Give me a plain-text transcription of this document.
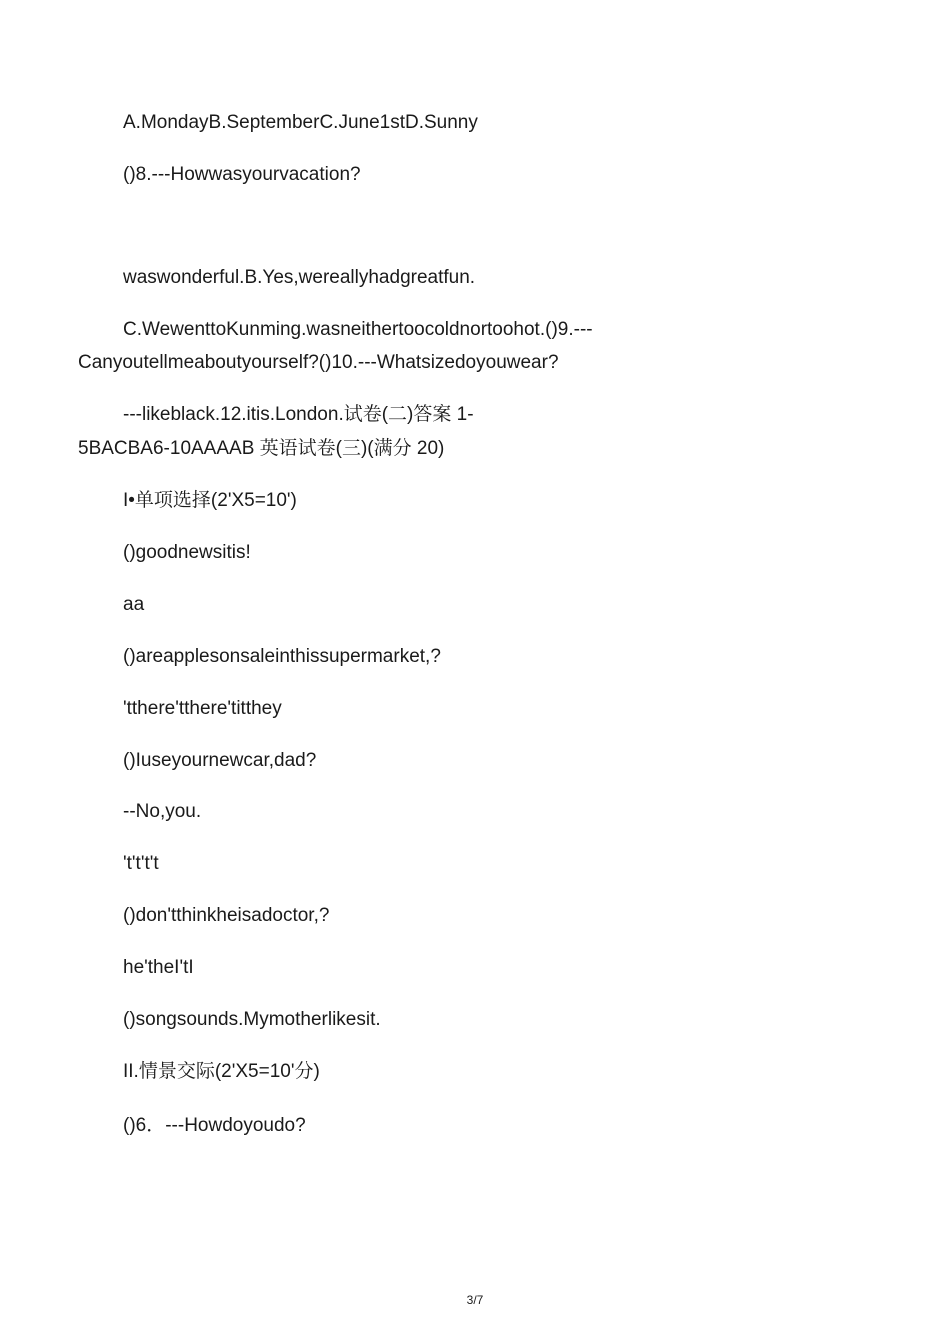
A.MondayB.SeptemberC.June1stD.Sunny
()8.---Howwasyourvacation?
waswonderful.B.Yes,wereallyhadgreatfun.
C.WewenttoKunming.wasneithertoocoldnortoohot.()9.---
Canyoutellmeaboutyourself?()10.---Whatsizedoyouwear?
---likeblack.12.itis.London.试卷(二)答案 1-
5BACBA6-10AAAAB 英语试卷(三)(满分 20)
I•单项选择(2'X5=10')
()goodnewsitis!
aa
()areapplesonsaleinthissupermarket,?
'tthere'tthere'titthey
()Iuseyournewcar,dad?
--No,you.
't't't't
()don'tthinkheisadoctor,?
he'theI'tI
()songsounds.Mymotherlikesit.
II.情景交际(2'X5=10'分)
()6．---Howdoyoudo?
3/7
